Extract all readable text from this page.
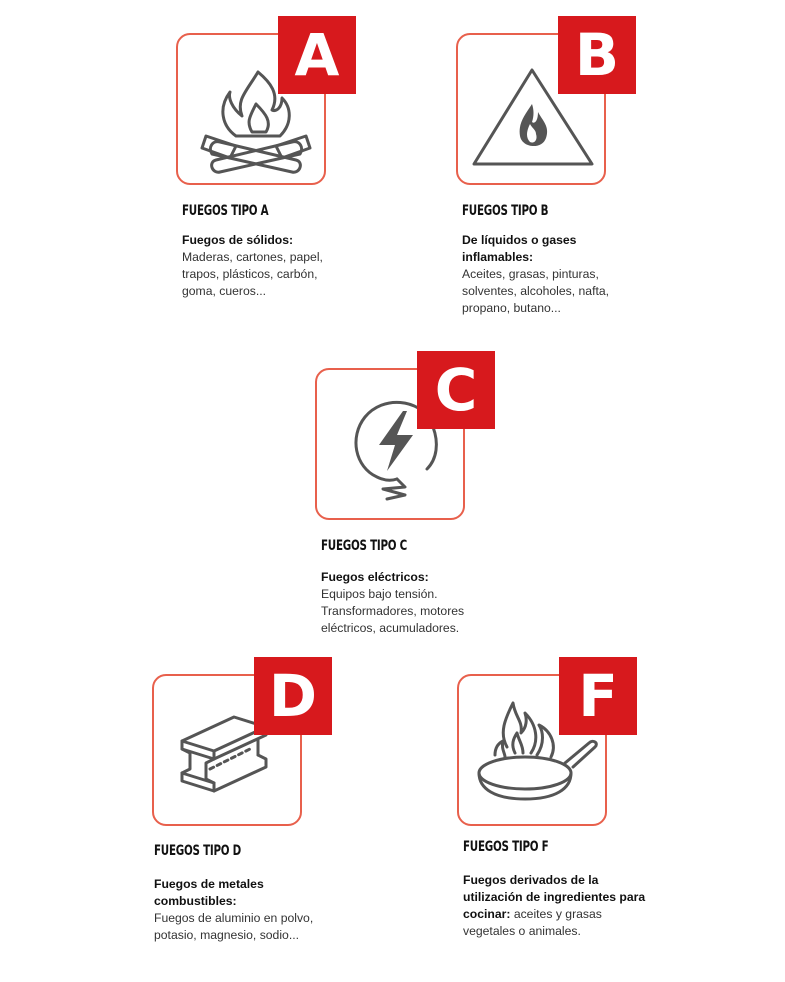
A
FUEGOS TIPO A
Fuegos de sólidos:
Maderas, cartones, papel, trapos, plásticos, carbón, goma, cueros...
B
FUEGOS TIPO B
De líquidos o gases inflamables:
Aceites, grasas, pinturas, solventes, alcoholes, nafta, propano, butano...
C
FUEGOS TIPO C
Fuegos eléctricos:
Equipos bajo tensión. Transformadores, motores eléctricos, acumuladores.
D
FUEGOS TIPO D
Fuegos de metales combustibles:
Fuegos de aluminio en polvo, potasio, magnesio, sodio...
F
FUEGOS TIPO F
Fuegos derivados de la utilización de ingredientes para cocinar: aceites y grasas vegetales o animales.
